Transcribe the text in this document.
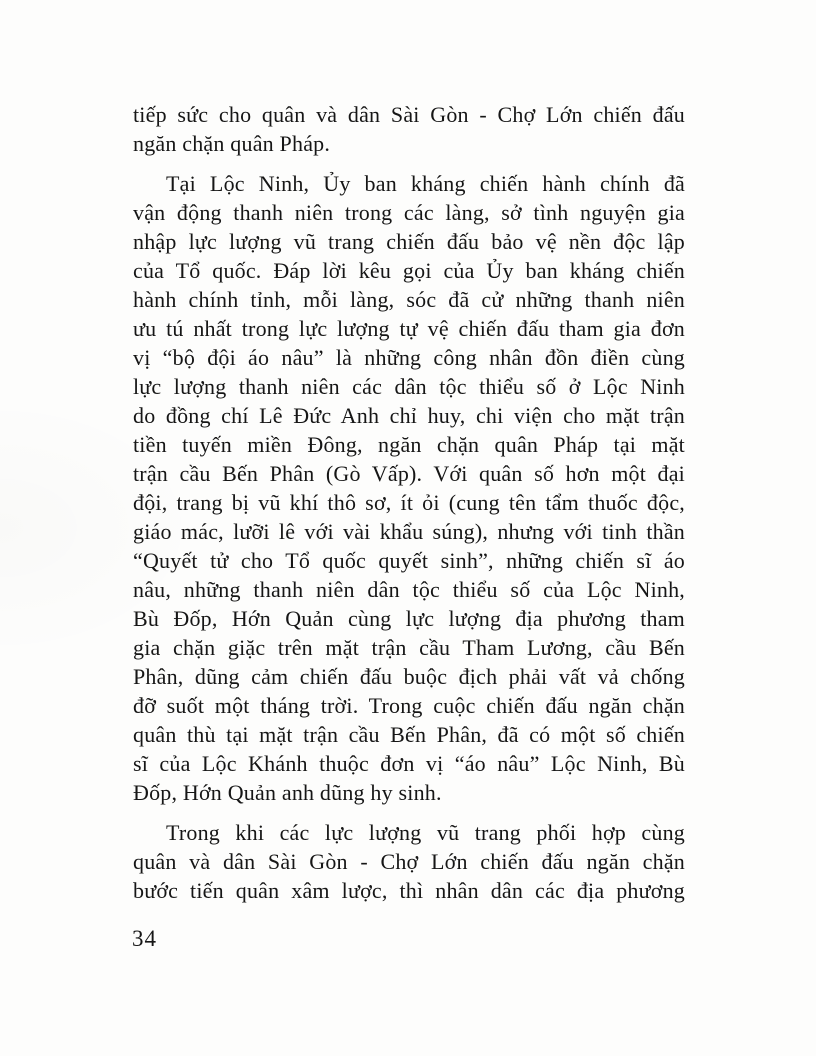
tiếp sức cho quân và dân Sài Gòn - Chợ Lớn chiến đấu
ngăn chặn quân Pháp.
Tại Lộc Ninh, Ủy ban kháng chiến hành chính đã
vận động thanh niên trong các làng, sở tình nguyện gia
nhập lực lượng vũ trang chiến đấu bảo vệ nền độc lập
của Tổ quốc. Đáp lời kêu gọi của Ủy ban kháng chiến
hành chính tỉnh, mỗi làng, sóc đã cử những thanh niên
ưu tú nhất trong lực lượng tự vệ chiến đấu tham gia đơn
vị “bộ đội áo nâu” là những công nhân đồn điền cùng
lực lượng thanh niên các dân tộc thiểu số ở Lộc Ninh
do đồng chí Lê Đức Anh chỉ huy, chi viện cho mặt trận
tiền tuyến miền Đông, ngăn chặn quân Pháp tại mặt
trận cầu Bến Phân (Gò Vấp). Với quân số hơn một đại
đội, trang bị vũ khí thô sơ, ít ỏi (cung tên tẩm thuốc độc,
giáo mác, lưỡi lê với vài khẩu súng), nhưng với tinh thần
“Quyết tử cho Tổ quốc quyết sinh”, những chiến sĩ áo
nâu, những thanh niên dân tộc thiểu số của Lộc Ninh,
Bù Đốp, Hớn Quản cùng lực lượng địa phương tham
gia chặn giặc trên mặt trận cầu Tham Lương, cầu Bến
Phân, dũng cảm chiến đấu buộc địch phải vất vả chống
đỡ suốt một tháng trời. Trong cuộc chiến đấu ngăn chặn
quân thù tại mặt trận cầu Bến Phân, đã có một số chiến
sĩ của Lộc Khánh thuộc đơn vị “áo nâu” Lộc Ninh, Bù
Đốp, Hớn Quản anh dũng hy sinh.
Trong khi các lực lượng vũ trang phối hợp cùng
quân và dân Sài Gòn - Chợ Lớn chiến đấu ngăn chặn
bước tiến quân xâm lược, thì nhân dân các địa phương
34
